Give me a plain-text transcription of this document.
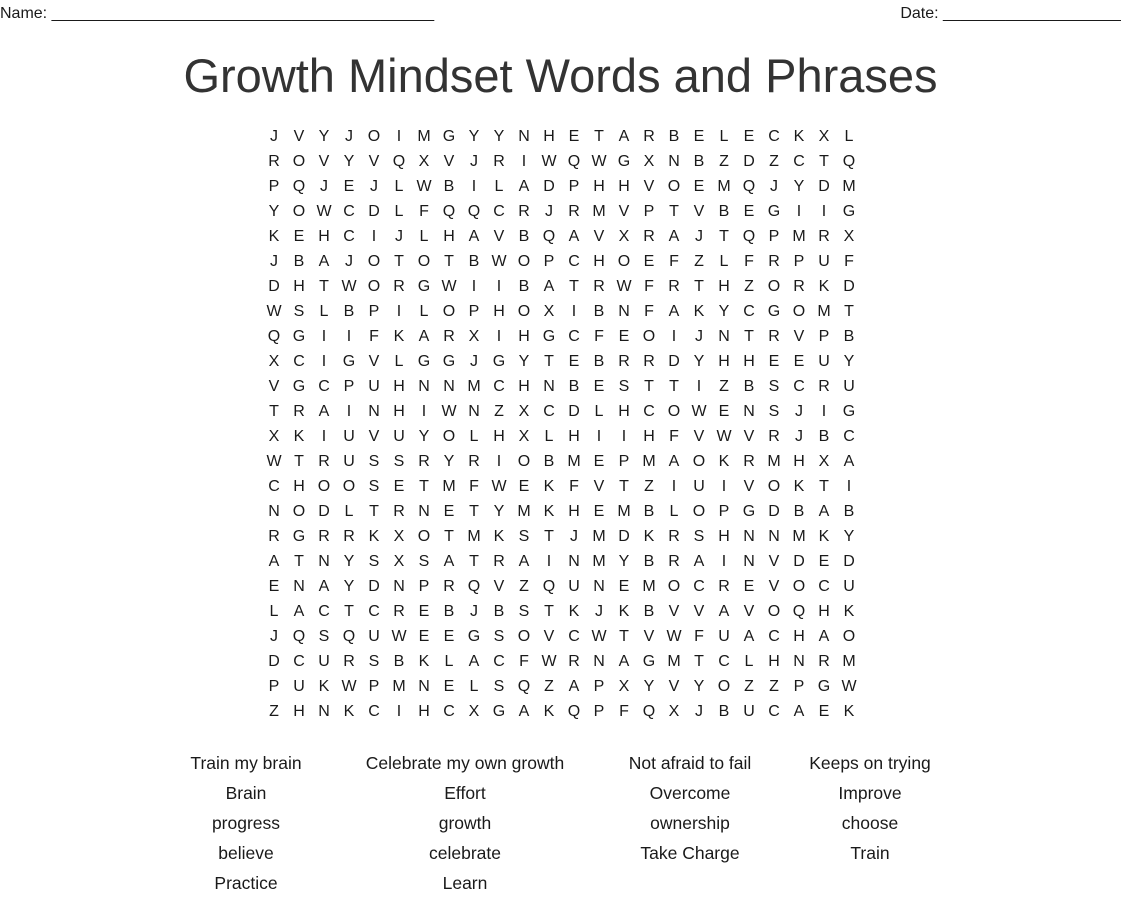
Name: ___________________________________________	Date: ____________________
Growth Mindset Words and Phrases
J V Y J O	I	M G Y Y N H E T A R B E L E C K X L
R O V Y V Q X V J R	I W Q W G X N B Z D Z C T Q
P Q J E J	L W B	I	L A D P H H V O E M Q J Y D M
Y O W C D L F Q Q C R J R M V P T V B E G	I	I	G
K E H C	I	J	L H A V B Q A V X R A J	T Q P M R X
J B A J O T O T B W O P C H O E F Z L F R P U F
D H T W O R G W I	I	B A T R W F R T H Z O R K D
W S L B P	I	L O P H O X	I	B N F A K Y C G O M T
Q G	I	I	F K A R X	I	H G C F E O	I	J N T R V P B
X C	I	G V L G G J G Y T E B R R D Y H H E E U Y
V G C P U H N N M C H N B E S T T	I	Z B S C R U
T R A	I	N H	I W N Z X C D L H C O W E N S J	I	G
X K	I	U V U Y O L H X L H	I	I	H F V W V R J B C
W T R U S S R Y R	I	O B M E P M A O K R M H X A
C H O O S E T M F W E K F V T Z	I	U	I	V O K T	I
N O D L T R N E T Y M K H E M B L O P G D B A B
R G R R K X O T M K S T	J M D K R S H N N M K Y
A T N Y S X S A T R A	I	N M Y B R A	I	N V D E D
E N A Y D N P R Q V Z Q U N E M O C R E V O C U
L A C T C R E B J B S T K J K B V V A V O Q H K
J Q S Q U W E E G S O V C W T V W F U A C H A O
D C U R S B K L A C F W R N A G M T C L H N R M
P U K W P M N E L S Q Z A P X Y V Y O Z Z P G W
Z H N K C	I	H C X G A K Q P F Q X J B U C A E K
Train my brain
Brain
progress
believe
Practice
Celebrate my own growth
Effort
growth
celebrate
Learn
Not afraid to fail
Overcome
ownership
Take Charge
Keeps on trying
Improve
choose
Train
